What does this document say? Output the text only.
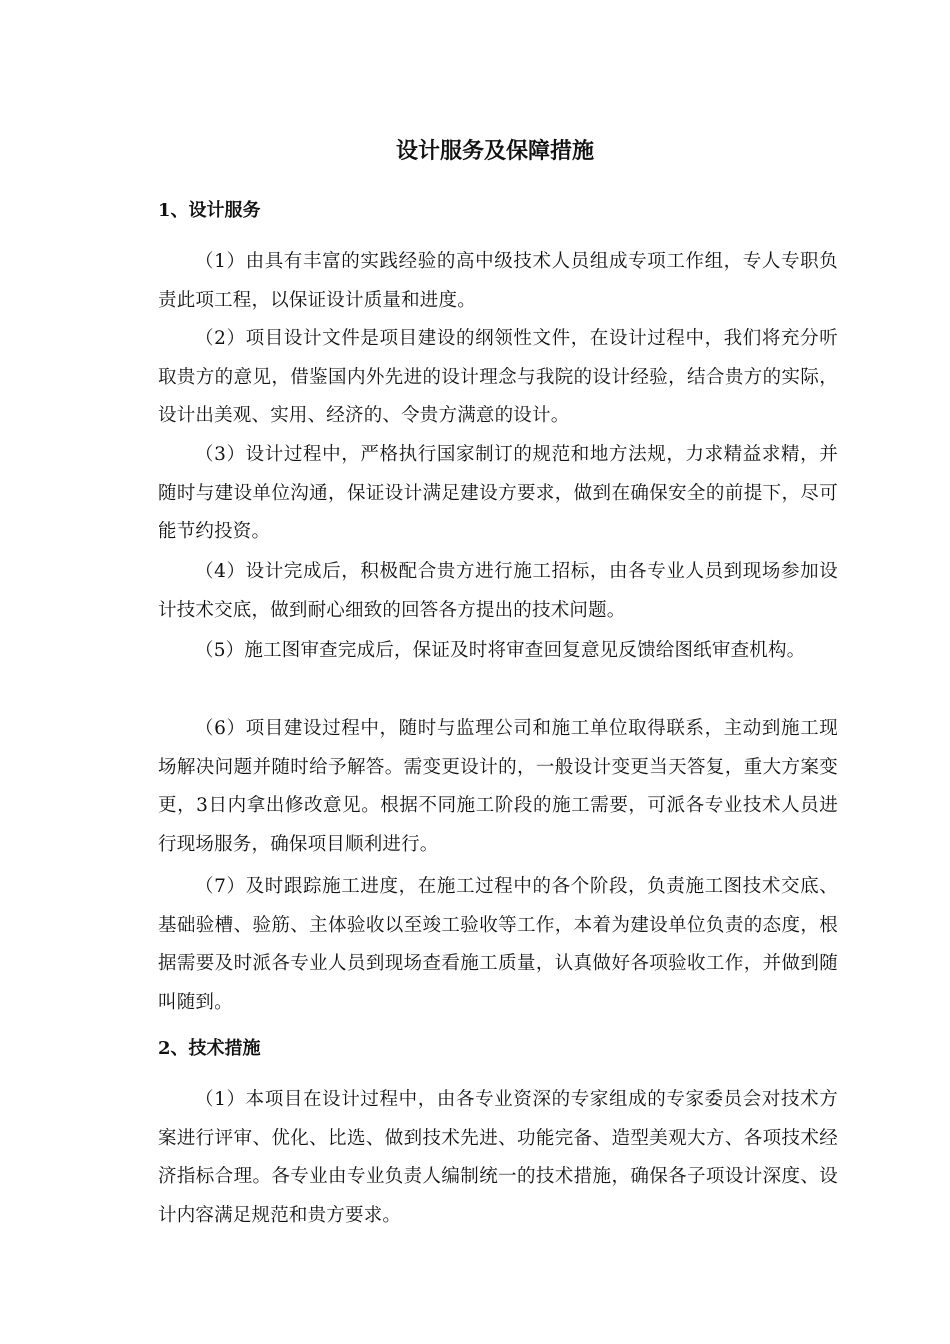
设计服务及保障措施
1、设计服务

（1）由具有丰富的实践经验的高中级技术人员组成专项工作组，专人专职负责此项工程，以保证设计质量和进度。

（2）项目设计文件是项目建设的纲领性文件，在设计过程中，我们将充分听取贵方的意见，借鉴国内外先进的设计理念与我院的设计经验，结合贵方的实际，设计出美观、实用、经济的、令贵方满意的设计。

（3）设计过程中，严格执行国家制订的规范和地方法规，力求精益求精，并随时与建设单位沟通，保证设计满足建设方要求，做到在确保安全的前提下，尽可能节约投资。

（4）设计完成后，积极配合贵方进行施工招标，由各专业人员到现场参加设计技术交底，做到耐心细致的回答各方提出的技术问题。

（5）施工图审查完成后，保证及时将审查回复意见反馈给图纸审查机构。

（6）项目建设过程中，随时与监理公司和施工单位取得联系，主动到施工现场解决问题并随时给予解答。需变更设计的，一般设计变更当天答复，重大方案变更，3日内拿出修改意见。根据不同施工阶段的施工需要，可派各专业技术人员进行现场服务，确保项目顺利进行。

（7）及时跟踪施工进度，在施工过程中的各个阶段，负责施工图技术交底、基础验槽、验筋、主体验收以至竣工验收等工作，本着为建设单位负责的态度，根据需要及时派各专业人员到现场查看施工质量，认真做好各项验收工作，并做到随叫随到。

2、技术措施

（1）本项目在设计过程中，由各专业资深的专家组成的专家委员会对技术方案进行评审、优化、比选、做到技术先进、功能完备、造型美观大方、各项技术经济指标合理。各专业由专业负责人编制统一的技术措施，确保各子项设计深度、设计内容满足规范和贵方要求。
